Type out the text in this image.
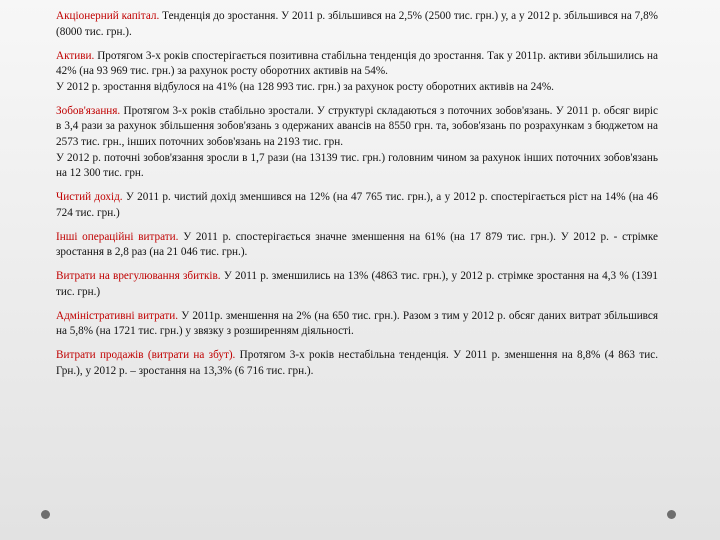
Акціонерний капітал. Тенденція до зростання. У 2011 р. збільшився на 2,5% (2500 тис. грн.) у, а у 2012 р. збільшився на 7,8% (8000 тис. грн.).

Активи. Протягом 3-х років спостерігається позитивна стабільна тенденція до зростання. Так у 2011р. активи збільшились на 42% (на 93 969 тис. грн.) за рахунок росту оборотних активів на 54%.
У 2012 р. зростання відбулося на 41% (на 128 993 тис. грн.) за рахунок росту оборотних активів на 24%.

Зобов'язання. Протягом 3-х років стабільно зростали. У структурі складаються з поточних зобов'язань. У 2011 р. обсяг виріс в 3,4 рази за рахунок збільшення зобов'язань з одержаних авансів на 8550 грн. та, зобов'язань по розрахункам з бюджетом на 2573 тис. грн., інших поточних зобов'язань на 2193 тис. грн.
У 2012 р. поточні зобов'язання зросли в 1,7 рази (на 13139 тис. грн.) головним чином за рахунок інших поточних зобов'язань на 12 300 тис. грн.

Чистий дохід. У 2011 р. чистий дохід зменшився на 12% (на 47 765 тис. грн.), а у 2012 р. спостерігається ріст на 14% (на 46 724 тис. грн.)

Інші операційні витрати. У 2011 р. спостерігається значне зменшення на 61% (на 17 879 тис. грн.). У 2012 р. - стрімке зростання в 2,8 раз (на 21 046 тис. грн.).

Витрати на врегулювання збитків. У 2011 р. зменшились на 13% (4863 тис. грн.), у 2012 р. стрімке зростання на 4,3 % (1391 тис. грн.)

Адміністративні витрати. У 2011р. зменшення на 2% (на 650 тис. грн.). Разом з тим у 2012 р. обсяг даних витрат збільшився на 5,8% (на 1721 тис. грн.) у звязку з розширенням діяльності.

Витрати продажів (витрати на збут). Протягом 3-х років нестабільна тенденція. У 2011 р. зменшення на 8,8% (4 863 тис. Грн.), у 2012 р. – зростання на 13,3% (6 716 тис. грн.).
